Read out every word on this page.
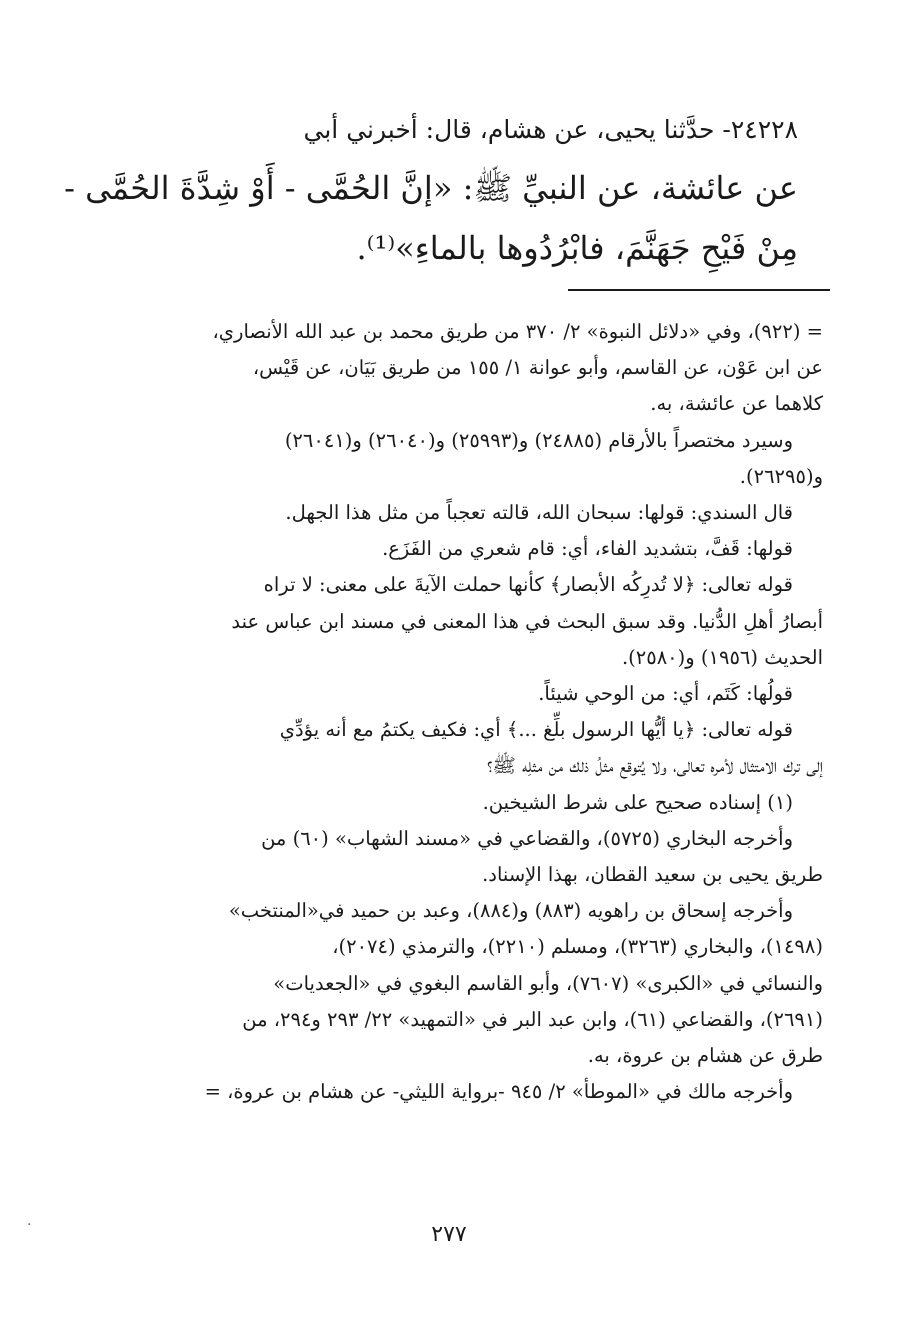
٢٤٢٢٨- حدَّثنا يحيى، عن هشام، قال: أخبرني أبي

عن عائشة، عن النبيِّ ﷺ: «إنَّ الحُمَّى - أَوْ شِدَّةَ الحُمَّى -

مِنْ فَيْحِ جَهَنَّمَ، فابْرُدُوها بالماءِ»⁽¹⁾.

= (٩٢٢)، وفي «دلائل النبوة» ٢/ ٣٧٠ من طريق محمد بن عبد الله الأنصاري،

عن ابن عَوْن، عن القاسم، وأبو عوانة ١/ ١٥٥ من طريق بَيَان، عن قَيْس،

كلاهما عن عائشة، به.

وسيرد مختصراً بالأرقام (٢٤٨٨٥) و(٢٥٩٩٣) و(٢٦٠٤٠) و(٢٦٠٤١)

و(٢٦٢٩٥).

قال السندي: قولها: سبحان الله، قالته تعجباً من مثل هذا الجهل.

قولها: قَفَّ، بتشديد الفاء، أي: قام شعري من الفَزَع.

قوله تعالى: ﴿لا تُدرِكُه الأبصار﴾ كأنها حملت الآيةَ على معنى: لا تراه

أبصارُ أهلِ الدُّنيا. وقد سبق البحث في هذا المعنى في مسند ابن عباس عند

الحديث (١٩٥٦) و(٢٥٨٠).

قولُها: كَتَم، أي: من الوحي شيئاً.

قوله تعالى: ﴿يا أيُّها الرسول بلِّغ ...﴾ أي: فكيف يكتمُ مع أنه يؤدِّي

إلى ترك الامتثال لأمره تعالى، ولا يُتوقع مثلُ ذلك من مثلِه ﷺ؟

(١) إسناده صحيح على شرط الشيخين.

وأخرجه البخاري (٥٧٢٥)، والقضاعي في «مسند الشهاب» (٦٠) من

طريق يحيى بن سعيد القطان، بهذا الإسناد.

وأخرجه إسحاق بن راهويه (٨٨٣) و(٨٨٤)، وعبد بن حميد في«المنتخب»

(١٤٩٨)، والبخاري (٣٢٦٣)، ومسلم (٢٢١٠)، والترمذي (٢٠٧٤)،

والنسائي في «الكبرى» (٧٦٠٧)، وأبو القاسم البغوي في «الجعديات»

(٢٦٩١)، والقضاعي (٦١)، وابن عبد البر في «التمهيد» ٢٢/ ٢٩٣ و٢٩٤، من

طرق عن هشام بن عروة، به.

وأخرجه مالك في «الموطأ» ٢/ ٩٤٥ -برواية الليثي- عن هشام بن عروة، =

٢٧٧
.
